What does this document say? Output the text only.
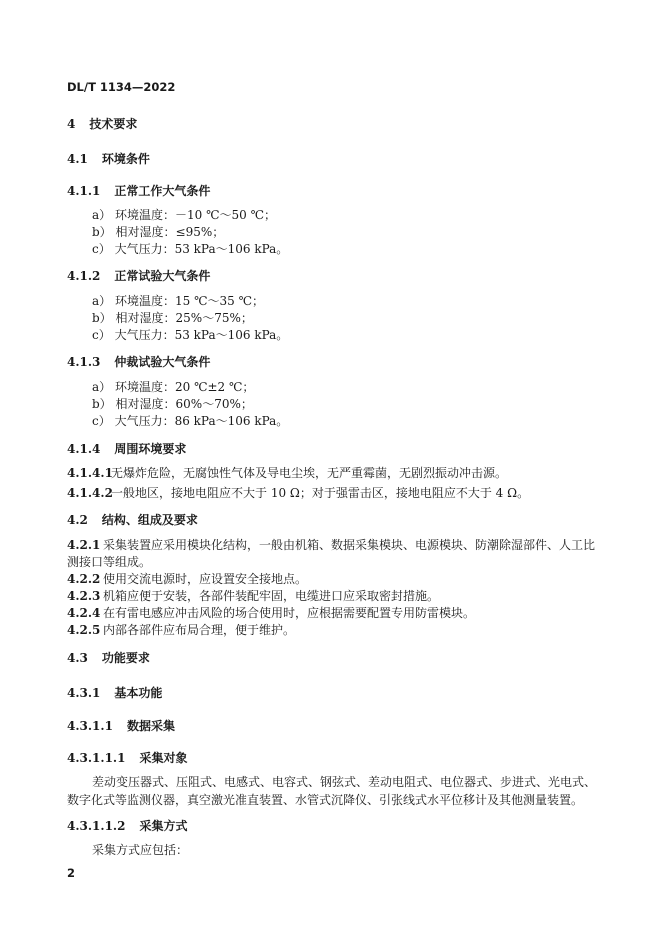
DL/T 1134—2022
4 技术要求
4.1 环境条件
4.1.1 正常工作大气条件
a） 环境温度：－10 ℃～50 ℃；
b） 相对湿度：≤95%；
c） 大气压力：53 kPa～106 kPa。
4.1.2 正常试验大气条件
a） 环境温度：15 ℃～35 ℃；
b） 相对湿度：25%～75%；
c） 大气压力：53 kPa～106 kPa。
4.1.3 仲裁试验大气条件
a） 环境温度：20 ℃±2 ℃；
b） 相对湿度：60%～70%；
c） 大气压力：86 kPa～106 kPa。
4.1.4 周围环境要求
4.1.4.1无爆炸危险，无腐蚀性气体及导电尘埃，无严重霉菌，无剧烈振动冲击源。
4.1.4.2一般地区，接地电阻应不大于 10 Ω；对于强雷击区，接地电阻应不大于 4 Ω。
4.2 结构、组成及要求
4.2.1 采集装置应采用模块化结构，一般由机箱、数据采集模块、电源模块、防潮除湿部件、人工比
测接口等组成。
4.2.2 使用交流电源时，应设置安全接地点。
4.2.3 机箱应便于安装，各部件装配牢固，电缆进口应采取密封措施。
4.2.4 在有雷电感应冲击风险的场合使用时，应根据需要配置专用防雷模块。
4.2.5 内部各部件应布局合理，便于维护。
4.3 功能要求
4.3.1 基本功能
4.3.1.1 数据采集
4.3.1.1.1 采集对象
差动变压器式、压阻式、电感式、电容式、钢弦式、差动电阻式、电位器式、步进式、光电式、
数字化式等监测仪器，真空激光准直装置、水管式沉降仪、引张线式水平位移计及其他测量装置。
4.3.1.1.2 采集方式
采集方式应包括：
2
